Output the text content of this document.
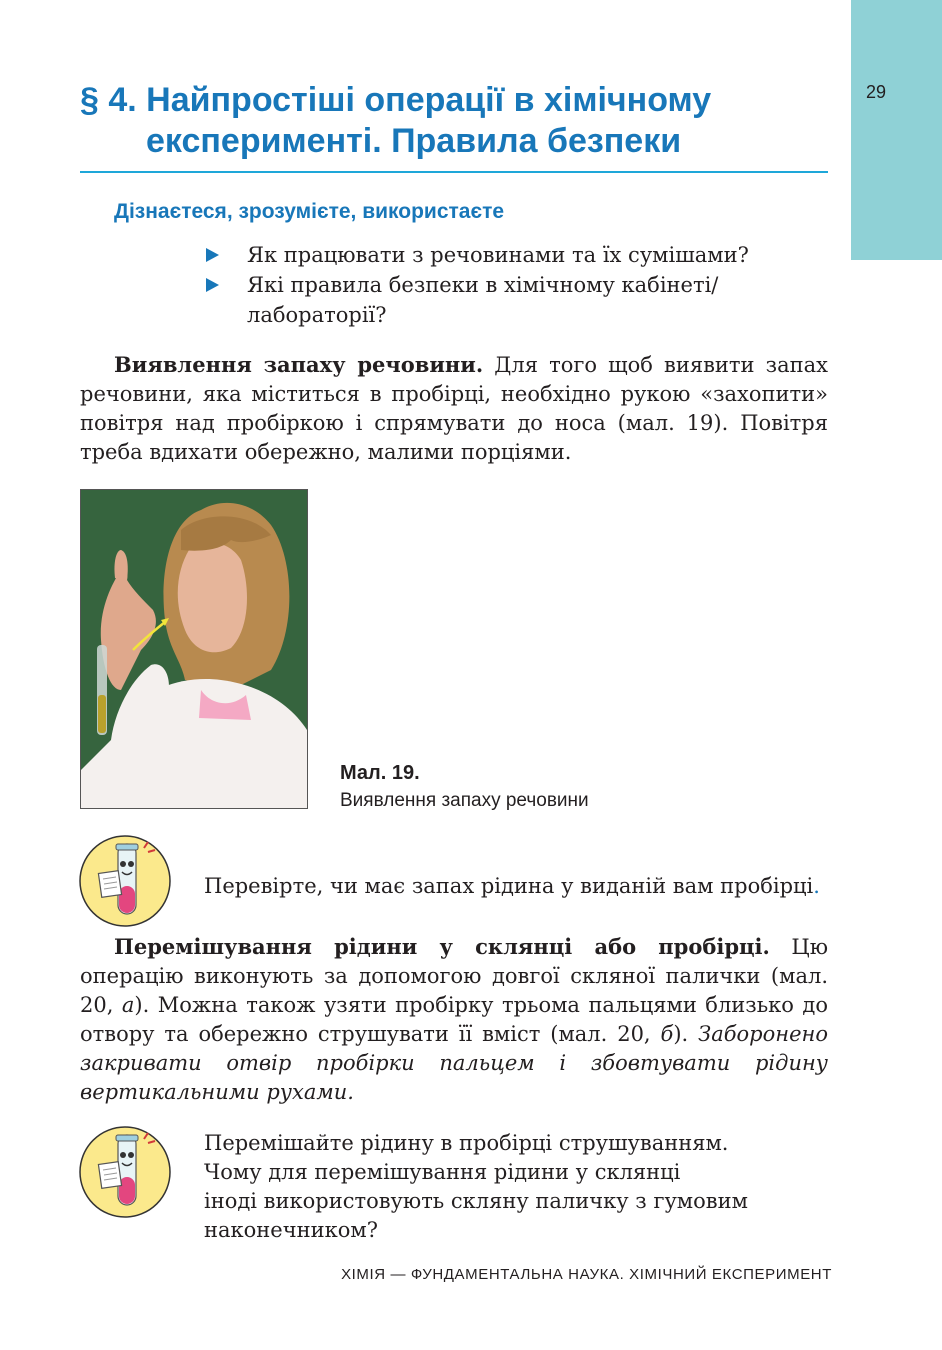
29
§ 4. Найпростіші операції в хімічному
експерименті. Правила безпеки
Дізнаєтеся, зрозумієте, використаєте
Як працювати з речовинами та їх сумішами?
Які правила безпеки в хімічному кабінеті/ лабораторії?

Виявлення запаху речовини. Для того щоб виявити запах речовини, яка міститься в пробірці, необхідно рукою «захопити» повітря над пробіркою і спрямувати до носа (мал. 19). Повітря треба вдихати обережно, малими порціями.

Мал. 19.
Виявлення запаху речовини
Перевірте, чи має запах рідина у виданій вам пробірці.

Перемішування рідини у склянці або пробірці. Цю операцію виконують за допомогою довгої скляної палички (мал. 20, а). Можна також узяти пробірку трьома пальцями близько до отвору та обережно струшувати її вміст (мал. 20, б). Заборонено закривати отвір пробірки пальцем і збовтувати рідину вертикальними рухами.

Перемішайте рідину в пробірці струшуванням.
Чому для перемішування рідини у склянці
іноді використовують скляну паличку з гумовим
наконечником?
ХІМІЯ — ФУНДАМЕНТАЛЬНА НАУКА. ХІМІЧНИЙ ЕКСПЕРИМЕНТ
